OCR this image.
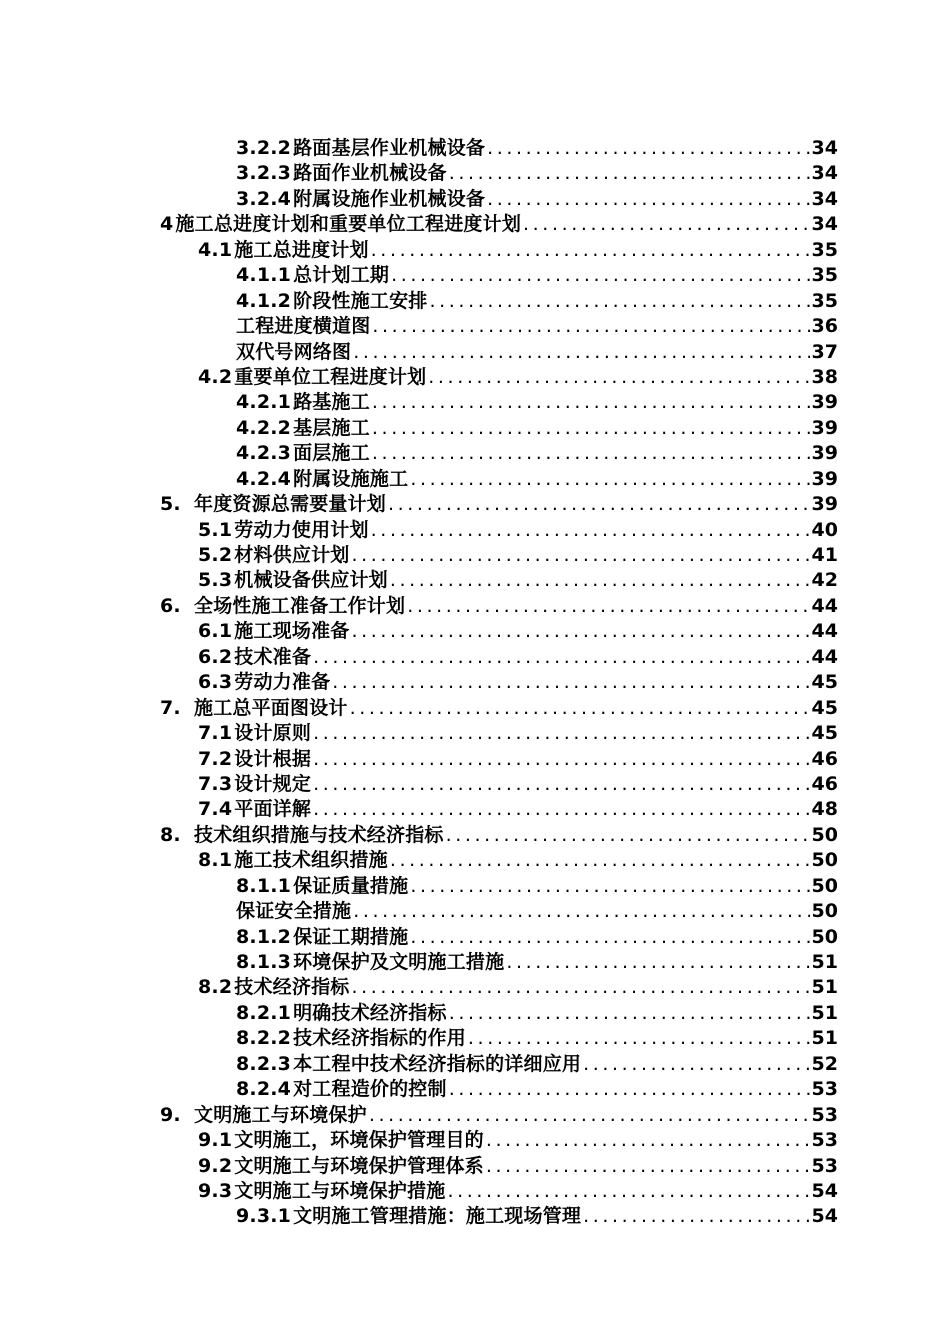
3.2.2 路面基层作业机械设备 .....	34
3.2.3 路面作业机械设备 .....	34
3.2.4 附属设施作业机械设备 .....	34
4 施工总进度计划和重要单位工程进度计划 .....	34
4.1 施工总进度计划 .....	35
4.1.1 总计划工期 .....	35
4.1.2 阶段性施工安排 .....	35
工程进度横道图 .....	36
双代号网络图 .....	37
4.2 重要单位工程进度计划 .....	38
4.2.1 路基施工 .....	39
4.2.2 基层施工 .....	39
4.2.3 面层施工 .....	39
4.2.4 附属设施施工 .....	39
5. 年度资源总需要量计划 .....	39
5.1 劳动力使用计划 .....	40
5.2 材料供应计划 .....	41
5.3 机械设备供应计划 .....	42
6. 全场性施工准备工作计划 .....	44
6.1 施工现场准备 .....	44
6.2 技术准备 .....	44
6.3 劳动力准备 .....	45
7. 施工总平面图设计 .....	45
7.1 设计原则 .....	45
7.2 设计根据 .....	46
7.3 设计规定 .....	46
7.4 平面详解 .....	48
8. 技术组织措施与技术经济指标 .....	50
8.1 施工技术组织措施 .....	50
8.1.1 保证质量措施 .....	50
保证安全措施 .....	50
8.1.2 保证工期措施 .....	50
8.1.3 环境保护及文明施工措施 .....	51
8.2 技术经济指标 .....	51
8.2.1 明确技术经济指标 .....	51
8.2.2 技术经济指标的作用 .....	51
8.2.3 本工程中技术经济指标的详细应用 .....	52
8.2.4 对工程造价的控制 .....	53
9. 文明施工与环境保护 .....	53
9.1 文明施工，环境保护管理目的 .....	53
9.2 文明施工与环境保护管理体系 .....	53
9.3 文明施工与环境保护措施 .....	54
9.3.1 文明施工管理措施：施工现场管理 .....	54
